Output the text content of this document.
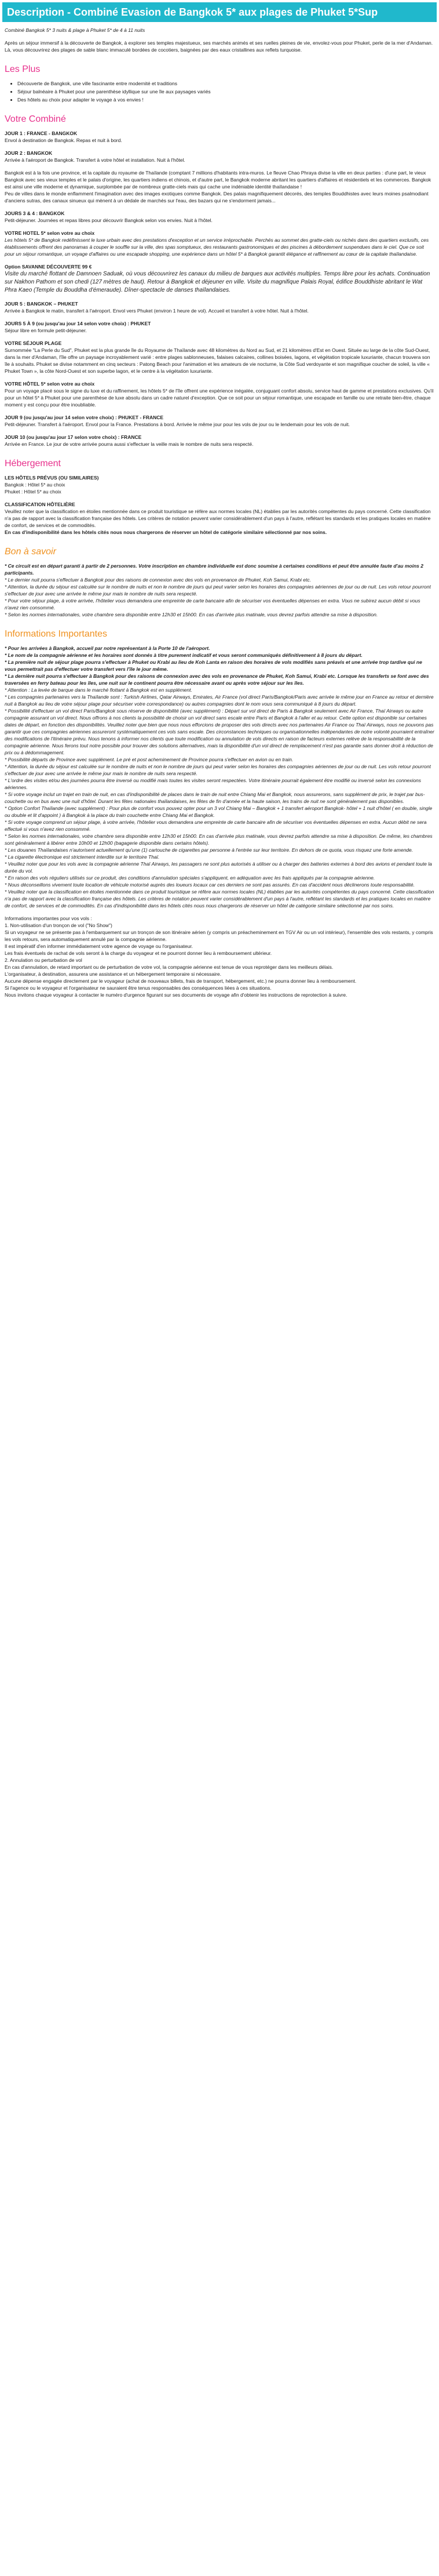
Description - Combiné Evasion de Bangkok 5* aux plages de Phuket 5*Sup

Combiné Bangkok 5* 3 nuits & plage à Phuket 5* de 4 à 11 nuits

Après un séjour immersif à la découverte de Bangkok, à explorer ses temples majestueux, ses marchés animés et ses ruelles pleines de vie, envolez-vous pour Phuket, perle de la mer d'Andaman. Là, vous découvrirez des plages de sable blanc immaculé bordées de cocotiers, baignées par des eaux cristallines aux reflets turquoise.

Les Plus
• Découverte de Bangkok, une ville fascinante entre modernité et traditions
• Séjour balnéaire à Phuket pour une parenthèse idyllique sur une île aux paysages variés
• Des hôtels au choix pour adapter le voyage à vos envies !
Votre Combiné
JOUR 1 : FRANCE - BANGKOK
Envol à destination de Bangkok. Repas et nuit à bord.
JOUR 2 : BANGKOK
Arrivée à l'aéroport de Bangkok. Transfert à votre hôtel et installation. Nuit à l'hôtel.

Bangkok est à la fois une province, et la capitale du royaume de Thaïlande (comptant 7 millions d'habitants intra-muros. Le fleuve Chao Phraya divise la ville en deux parties : d'une part, le vieux Bangkok avec ses vieux temples et le palais d'origine, les quartiers indiens et chinois, et d'autre part, le Bangkok moderne abritant les quartiers d'affaires et résidentiels et les commerces. Bangkok est ainsi une ville moderne et dynamique, surplombée par de nombreux gratte-ciels mais qui cache une indéniable identité thaïlandaise !
Peu de villes dans le monde enflamment l'imagination avec des images exotiques comme Bangkok. Des palais magnifiquement décorés, des temples Bouddhistes avec leurs moines psalmodiant d'anciens sutras, des canaux sinueux qui mènent à un dédale de marchés sur l'eau, des bazars qui ne s'endorment jamais...

JOURS 3 & 4 : BANGKOK
Petit-déjeuner. Journées et repas libres pour découvrir Bangkok selon vos envies. Nuit à l'hôtel.
VOTRE HOTEL 5* selon votre au choix
Les hôtels 5* de Bangkok redéfinissent le luxe urbain avec des prestations d'exception et un service irréprochable. Perchés au sommet des gratte-ciels ou nichés dans des quartiers exclusifs, ces établissements offrent des panoramas à couper le souffle sur la ville, des spas somptueux, des restaurants gastronomiques et des piscines à débordement suspendues dans le ciel. Que ce soit pour un séjour romantique, un voyage d'affaires ou une escapade shopping, une expérience dans un hôtel 5* à Bangkok garantit élégance et raffinement au cœur de la capitale thaïlandaise.
Option SAVANNE DÉCOUVERTE 99 €
Visite du marché flottant de Damnoen Saduak, où vous découvrirez les canaux du milieu de barques aux activités multiples. Temps libre pour les achats. Continuation sur Nakhon Pathom et son chedi (127 mètres de haut). Retour à Bangkok et déjeuner en ville. Visite du magnifique Palais Royal, édifice Bouddhiste abritant le Wat Phra Kaeo (Temple du Bouddha d'émeraude). Dîner-spectacle de danses thaïlandaises.
JOUR 5 : BANGKOK – PHUKET
Arrivée à Bangkok le matin, transfert à l'aéroport. Envol vers Phuket (environ 1 heure de vol). Accueil et transfert à votre hôtel. Nuit à l'hôtel.
JOURS 5 À 9 (ou jusqu'au jour 14 selon votre choix) : PHUKET
Séjour libre en formule petit-déjeuner.
VOTRE SÉJOUR PLAGE
Surnommée "La Perle du Sud", Phuket est la plus grande île du Royaume de Thaïlande avec 48 kilomètres du Nord au Sud, et 21 kilomètres d'Est en Ouest. Située au large de la côte Sud-Ouest, dans la mer d'Andaman, l'île offre un paysage incroyablement varié : entre plages sablonneuses, falaises calcaires, collines boisées, lagons, et végétation tropicale luxuriante, chacun trouvera son île à souhaits. Phuket se divise notamment en cinq secteurs : Patong Beach pour l'animation et les amateurs de vie nocturne, la Côte Sud verdoyante et son magnifique coucher de soleil, la ville « Phuket Town », la côte Nord-Ouest et son superbe lagon, et le centre à la végétation luxuriante.
VOTRE HÔTEL 5* selon votre au choix
Pour un voyage placé sous le signe du luxe et du raffinement, les hôtels 5* de l'île offrent une expérience inégalée, conjuguant confort absolu, service haut de gamme et prestations exclusives. Qu'il pour un hôtel 5* à Phuket pour une parenthèse de luxe absolu dans un cadre naturel d'exception. Que ce soit pour un séjour romantique, une escapade en famille ou une retraite bien-être, chaque moment y est conçu pour être inoubliable.
JOUR 9 (ou jusqu'au jour 14 selon votre choix) : PHUKET - FRANCE
Petit-déjeuner. Transfert à l'aéroport. Envol pour la France. Prestations à bord. Arrivée le même jour pour les vols de jour ou le lendemain pour les vols de nuit.
JOUR 10 (ou jusqu'au jour 17 selon votre choix) : FRANCE
Arrivée en France. Le jour de votre arrivée pourra aussi s'effectuer la veille mais le nombre de nuits sera respecté.
Hébergement
LES HÔTELS PRÉVUS (OU SIMILAIRES)
Bangkok : Hôtel 5* au choix
Phuket : Hôtel 5* au choix
CLASSIFICATION HÔTELIÈRE
Veuillez noter que la classification en étoiles mentionnée dans ce produit touristique se réfère aux normes locales (NL) établies par les autorités compétentes du pays concerné. Cette classification n'a pas de rapport avec la classification française des hôtels. Les critères de notation peuvent varier considérablement d'un pays à l'autre, reflétant les standards et les pratiques locales en matière de confort, de services et de commodités.
En cas d'indisponibilité dans les hôtels cités nous nous chargerons de réserver un hôtel de catégorie similaire sélectionné par nos soins.
Bon à savoir
* Ce circuit est en départ garanti à partir de 2 personnes. Votre inscription en chambre individuelle est donc soumise à certaines conditions et peut être annulée faute d'au moins 2 participants.
* Le dernier nuit pourra s'effectuer à Bangkok pour des raisons de connexion avec des vols en provenance de Phuket, Koh Samui, Krabi etc.
* Attention, la durée du séjour est calculée sur le nombre de nuits et non le nombre de jours qui peut varier selon les horaires des compagnies aériennes de jour ou de nuit. Les vols retour pourront s'effectuer de jour avec une arrivée le même jour mais le nombre de nuits sera respecté.
* Pour votre séjour plage, à votre arrivée, l'hôtelier vous demandera une empreinte de carte bancaire afin de sécuriser vos éventuelles dépenses en extra. Vous ne subirez aucun débit si vous n'avez rien consommé.
* Selon les normes internationales, votre chambre sera disponible entre 12h30 et 15h00. En cas d'arrivée plus matinale, vous devrez parfois attendre sa mise à disposition.
Informations Importantes
* Pour les arrivées à Bangkok, accueil par notre représentant à la Porte 10 de l'aéroport.
* Le nom de la compagnie aérienne et les horaires sont donnés à titre purement indicatif et vous seront communiqués définitivement à 8 jours du départ.
* La première nuit de séjour plage pourra s'effectuer à Phuket ou Krabi au lieu de Koh Lanta en raison des horaires de vols modifiés sans préavis et une arrivée trop tardive qui ne vous permettrait pas d'effectuer votre transfert vers l'île le jour même.
* La dernière nuit pourra s'effectuer à Bangkok pour des raisons de connexion avec des vols en provenance de Phuket, Koh Samui, Krabi etc. Lorsque les transferts se font avec des traversées en ferry bateau pour les îles, une nuit sur le continent pourra être nécessaire avant ou après votre séjour sur les îles.
* Attention : La levée de barque dans le marché flottant à Bangkok est en supplément.
* Les compagnies partenaires vers la Thaïlande sont : Turkish Airlines, Qatar Airways, Emirates, Air France (vol direct Paris/Bangkok/Paris avec arrivée le même jour en France au retour et dernière nuit à Bangkok au lieu de votre séjour plage pour sécuriser votre correspondance) ou autres compagnies dont le nom vous sera communiqué à 8 jours du départ.
* Possibilité d'effectuer un vol direct Paris/Bangkok sous réserve de disponibilité (avec supplément) : Départ sur vol direct de Paris à Bangkok seulement avec Air France, Thaï Airways ou autre compagnie assurant un vol direct. Nous offrons à nos clients la possibilité de choisir un vol direct sans escale entre Paris et Bangkok à l'aller et au retour. Cette option est disponible sur certaines dates de départ, en fonction des disponibilités. Veuillez noter que bien que nous nous efforcions de proposer des vols directs avec nos partenaires Air France ou Thaï Airways, nous ne pouvons pas garantir que ces compagnies aériennes assureront systématiquement ces vols sans escale. Des circonstances techniques ou organisationnelles indépendantes de notre volonté pourraient entraîner des modifications de l'itinéraire prévu. Nous tenons à informer nos clients que toute modification ou annulation de vols directs en raison de facteurs externes relève de la responsabilité de la compagnie aérienne. Nous ferons tout notre possible pour trouver des solutions alternatives, mais la disponibilité d'un vol direct de remplacement n'est pas garantie sans donner droit à réduction de prix ou à dédommagement.
* Possibilité départs de Province avec supplément. Le pré et post acheminement de Province pourra s'effectuer en avion ou en train.
* Attention, la durée du séjour est calculée sur le nombre de nuits et non le nombre de jours qui peut varier selon les horaires des compagnies aériennes de jour ou de nuit. Les vols retour pourront s'effectuer de jour avec une arrivée le même jour mais le nombre de nuits sera respecté.
* L'ordre des visites et/ou des journées pourra être inversé ou modifié mais toutes les visites seront respectées. Votre itinéraire pourrait également être modifié ou inversé selon les connexions aériennes.
* Si votre voyage inclut un trajet en train de nuit, en cas d'indisponibilité de places dans le train de nuit entre Chiang Mai et Bangkok, nous assurerons, sans supplément de prix, le trajet par bus-couchette ou en bus avec une nuit d'hôtel. Durant les fêtes nationales thaïlandaises, les fêtes de fin d'année et la haute saison, les trains de nuit ne sont généralement pas disponibles.
* Option Confort Thaïlande (avec supplément) : Pour plus de confort vous pouvez opter pour un 3 vol Chiang Mai – Bangkok + 1 transfert aéroport Bangkok- hôtel + 1 nuit d'hôtel ( en double, single ou double et lit d'appoint ) à Bangkok à la place du train couchette entre Chiang Mai et Bangkok.
* Si votre voyage comprend un séjour plage, à votre arrivée, l'hôtelier vous demandera une empreinte de carte bancaire afin de sécuriser vos éventuelles dépenses en extra. Aucun débit ne sera effectué si vous n'avez rien consommé.
* Selon les normes internationales, votre chambre sera disponible entre 12h30 et 15h00. En cas d'arrivée plus matinale, vous devrez parfois attendre sa mise à disposition. De même, les chambres sont généralement à libérer entre 10h00 et 12h00 (bagagerie disponible dans certains hôtels).
* Les douanes Thaïlandaises n'autorisent actuellement qu'une (1) cartouche de cigarettes par personne à l'entrée sur leur territoire. En dehors de ce quota, vous risquez une forte amende.
* La cigarette électronique est strictement interdite sur le territoire Thaï.
* Veuillez noter que pour les vols avec la compagnie aérienne Thaï Airways, les passagers ne sont plus autorisés à utiliser ou à charger des batteries externes à bord des avions et pendant toute la durée du vol.
* En raison des vols réguliers utilisés sur ce produit, des conditions d'annulation spéciales s'appliquent, en adéquation avec les frais appliqués par la compagnie aérienne.
* Nous déconseillons vivement toute location de véhicule motorisé auprès des loueurs locaux car ces derniers ne sont pas assurés. En cas d'accident nous déclinerons toute responsabilité.
* Veuillez noter que la classification en étoiles mentionnée dans ce produit touristique se réfère aux normes locales (NL) établies par les autorités compétentes du pays concerné. Cette classification n'a pas de rapport avec la classification française des hôtels. Les critères de notation peuvent varier considérablement d'un pays à l'autre, reflétant les standards et les pratiques locales en matière de confort, de services et de commodités. En cas d'indisponibilité dans les hôtels cités nous nous chargerons de réserver un hôtel de catégorie similaire sélectionné par nos soins.
Informations importantes pour vos vols :
1. Non-utilisation d'un tronçon de vol ("No Show")
Si un voyageur ne se présente pas à l'embarquement sur un tronçon de son itinéraire aérien (y compris un préacheminement en TGV Air ou un vol intérieur), l'ensemble des vols restants, y compris les vols retours, sera automatiquement annulé par la compagnie aérienne.
Il est impératif d'en informer immédiatement votre agence de voyage ou l'organisateur.
Les frais éventuels de rachat de vols seront à la charge du voyageur et ne pourront donner lieu à remboursement ultérieur.
2. Annulation ou perturbation de vol
En cas d'annulation, de retard important ou de perturbation de votre vol, la compagnie aérienne est tenue de vous reprotéger dans les meilleurs délais.
L'organisateur, à destination, assurera une assistance et un hébergement temporaire si nécessaire.
Aucune dépense engagée directement par le voyageur (achat de nouveaux billets, frais de transport, hébergement, etc.) ne pourra donner lieu à remboursement.
Si l'agence ou le voyageur et l'organisateur ne sauraient être tenus responsables des conséquences liées à ces situations.
Nous invitons chaque voyageur à contacter le numéro d'urgence figurant sur ses documents de voyage afin d'obtenir les instructions de reprotection à suivre.
